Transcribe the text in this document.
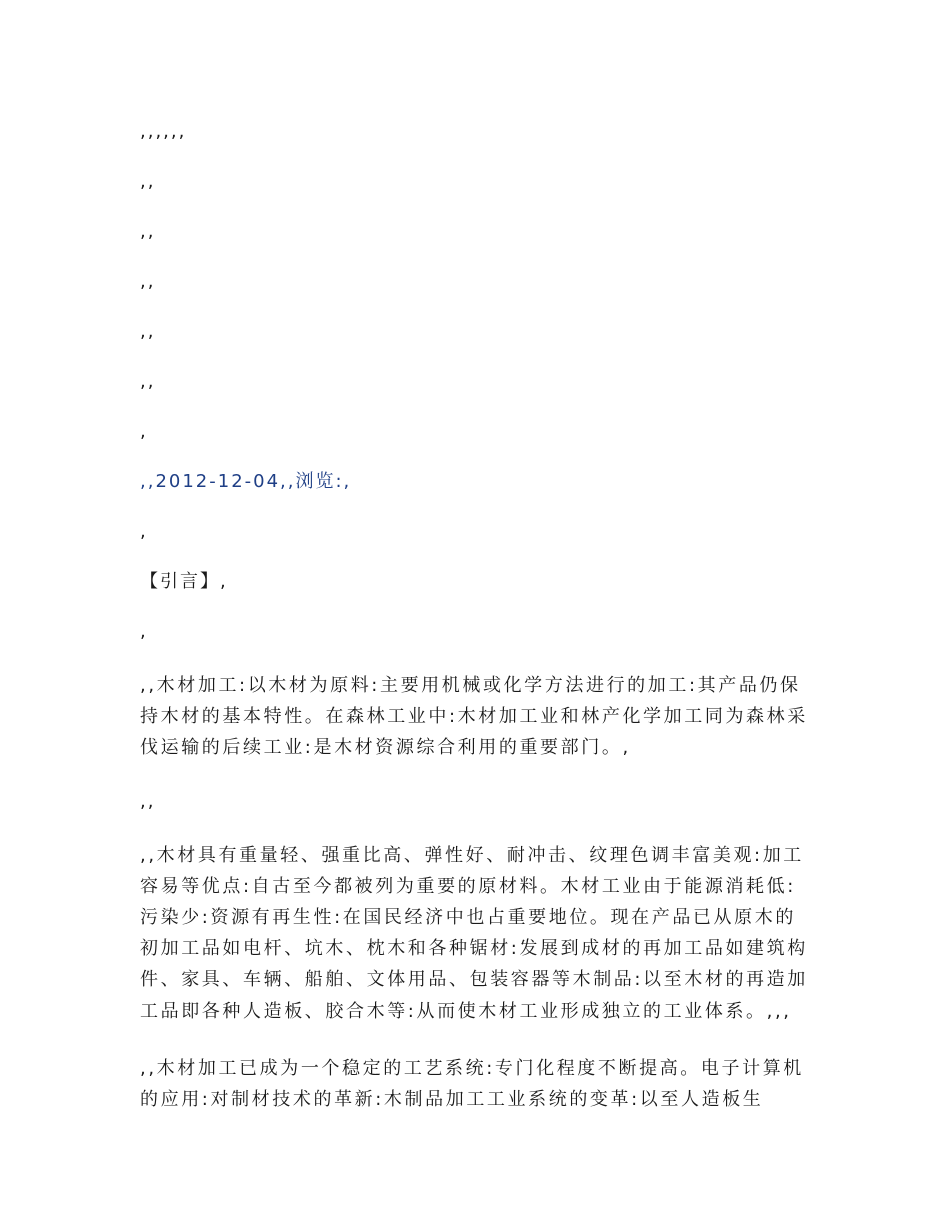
,,,,,,
,,
,,
,,
,,
,,
,
,,2012-12-04,,浏览:,
,
【引言】,
,

,,木材加工:以木材为原料:主要用机械或化学方法进行的加工:其产品仍保持木材的基本特性。在森林工业中:木材加工业和林产化学加工同为森林采伐运输的后续工业:是木材资源综合利用的重要部门。,

,,

,,木材具有重量轻、强重比高、弹性好、耐冲击、纹理色调丰富美观:加工容易等优点:自古至今都被列为重要的原材料。木材工业由于能源消耗低:污染少:资源有再生性:在国民经济中也占重要地位。现在产品已从原木的初加工品如电杆、坑木、枕木和各种锯材:发展到成材的再加工品如建筑构件、家具、车辆、船舶、文体用品、包装容器等木制品:以至木材的再造加工品即各种人造板、胶合木等:从而使木材工业形成独立的工业体系。,,,

,,木材加工已成为一个稳定的工艺系统:专门化程度不断提高。电子计算机的应用:对制材技术的革新:木制品加工工业系统的变革:以至人造板生
